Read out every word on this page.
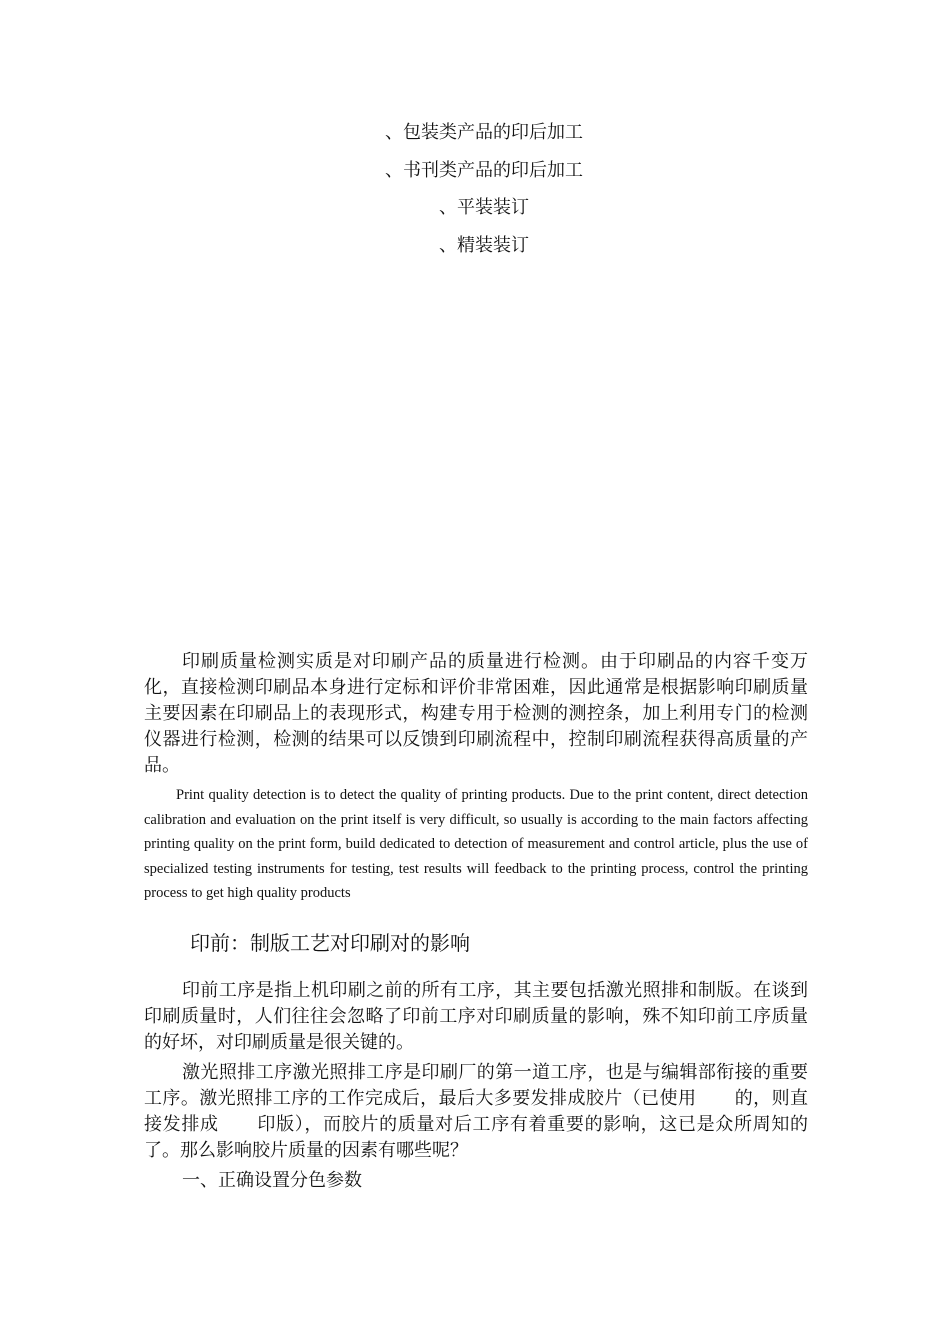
、包装类产品的印后加工
、书刊类产品的印后加工
、平装装订
、精装装订

印刷质量检测实质是对印刷产品的质量进行检测。由于印刷品的内容千变万化，直接检测印刷品本身进行定标和评价非常困难，因此通常是根据影响印刷质量主要因素在印刷品上的表现形式，构建专用于检测的测控条，加上利用专门的检测仪器进行检测，检测的结果可以反馈到印刷流程中，控制印刷流程获得高质量的产品。

Print quality detection is to detect the quality of printing products. Due to the print content, direct detection calibration and evaluation on the print itself is very difficult, so usually is according to the main factors affecting printing quality on the print form, build dedicated to detection of measurement and control article, plus the use of specialized testing instruments for testing, test results will feedback to the printing process, control the printing process to get high quality products

印前：制版工艺对印刷对的影响

印前工序是指上机印刷之前的所有工序，其主要包括激光照排和制版。在谈到印刷质量时，人们往往会忽略了印前工序对印刷质量的影响，殊不知印前工序质量的好坏，对印刷质量是很关键的。

激光照排工序激光照排工序是印刷厂的第一道工序，也是与编辑部衔接的重要工序。激光照排工序的工作完成后，最后大多要发排成胶片（已使用 的，则直接发排成 印版），而胶片的质量对后工序有着重要的影响，这已是众所周知的了。那么影响胶片质量的因素有哪些呢？

一、正确设置分色参数
